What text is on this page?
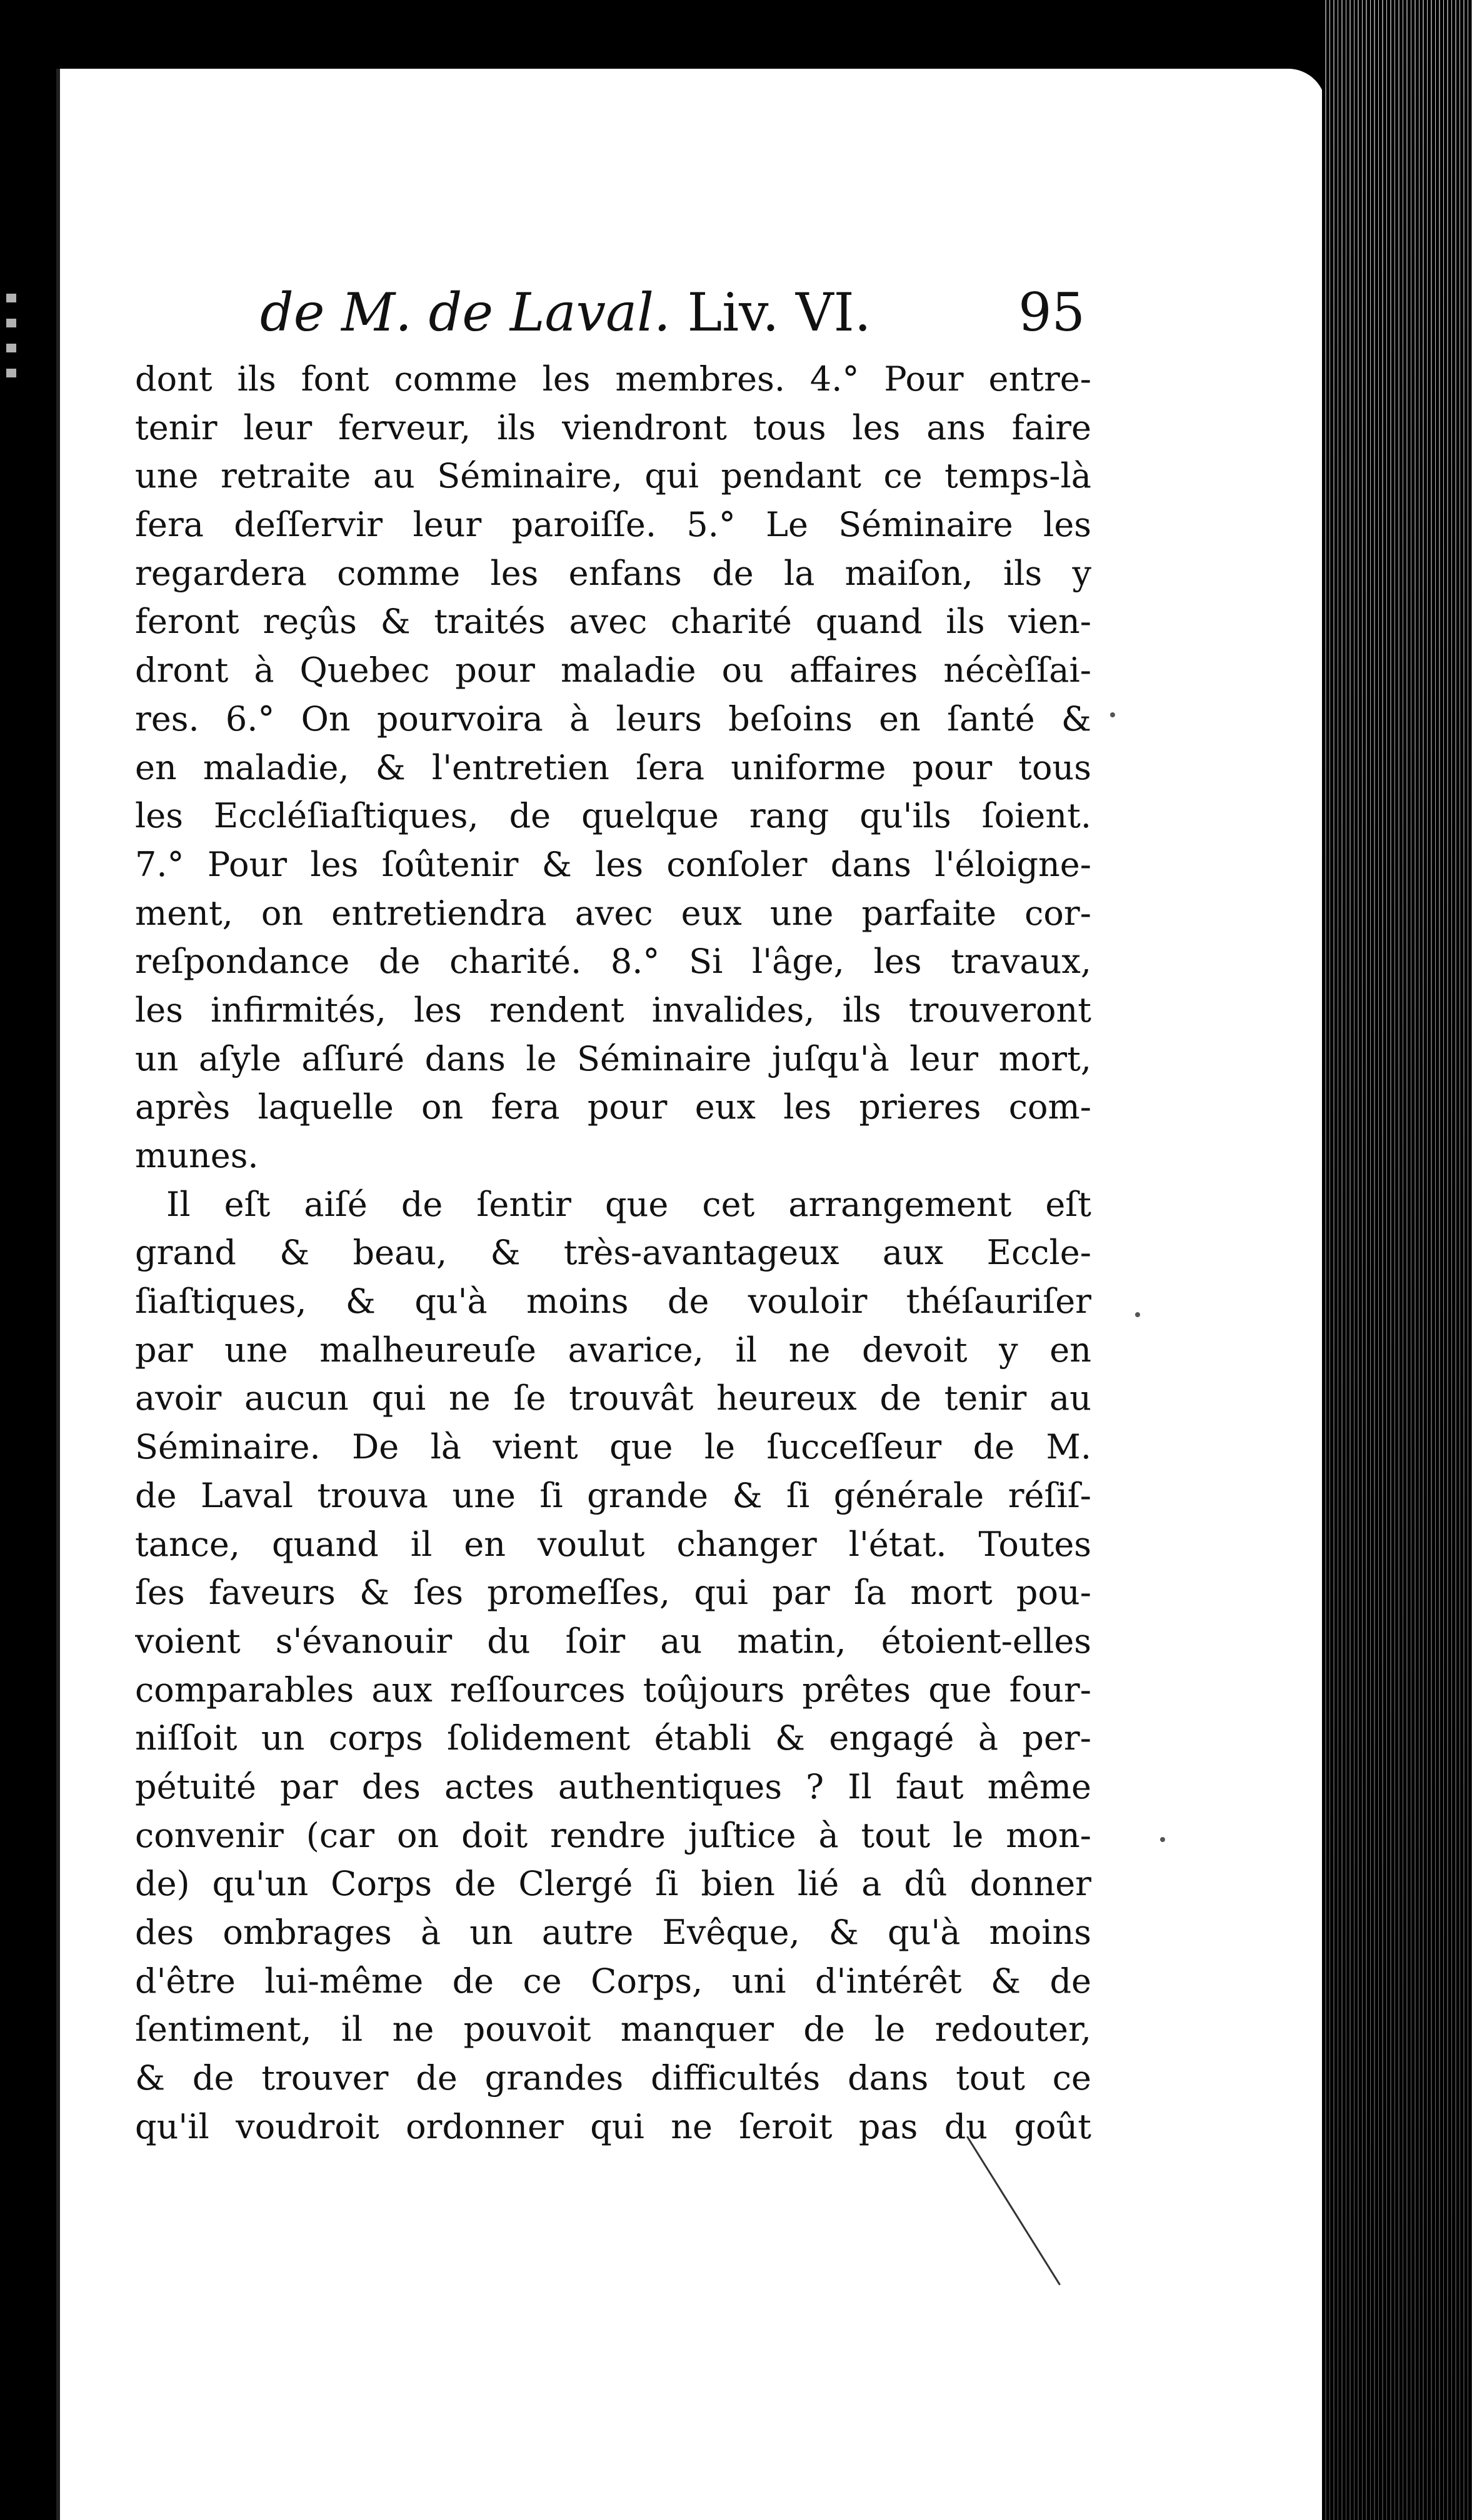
de M. de Laval. Liv. VI.	95
dont ils font comme les membres. 4.° Pour entre-
tenir leur ferveur, ils viendront tous les ans faire
une retraite au Séminaire, qui pendant ce temps-là
fera deſſervir leur paroiſſe. 5.° Le Séminaire les
regardera comme les enfans de la maiſon, ils y
feront reçûs & traités avec charité quand ils vien-
dront à Quebec pour maladie ou affaires nécèſſai-
res. 6.° On pourvoira à leurs beſoins en ſanté &
en maladie, & l'entretien ſera uniforme pour tous
les Eccléſiaſtiques, de quelque rang qu'ils ſoient.
7.° Pour les ſoûtenir & les conſoler dans l'éloigne-
ment, on entretiendra avec eux une parfaite cor-
reſpondance de charité. 8.° Si l'âge, les travaux,
les infirmités, les rendent invalides, ils trouveront
un aſyle aſſuré dans le Séminaire juſqu'à leur mort,
après laquelle on fera pour eux les prieres com-
munes.
Il eſt aiſé de ſentir que cet arrangement eſt
grand & beau, & très-avantageux aux Eccle-
ſiaſtiques, & qu'à moins de vouloir théſauriſer
par une malheureuſe avarice, il ne devoit y en
avoir aucun qui ne ſe trouvât heureux de tenir au
Séminaire. De là vient que le ſucceſſeur de M.
de Laval trouva une ſi grande & ſi générale réſiſ-
tance, quand il en voulut changer l'état. Toutes
ſes faveurs & ſes promeſſes, qui par ſa mort pou-
voient s'évanouir du ſoir au matin, étoient-elles
comparables aux reſſources toûjours prêtes que four-
niſſoit un corps ſolidement établi & engagé à per-
pétuité par des actes authentiques ? Il faut même
convenir (car on doit rendre juſtice à tout le mon-
de) qu'un Corps de Clergé ſi bien lié a dû donner
des ombrages à un autre Evêque, & qu'à moins
d'être lui-même de ce Corps, uni d'intérêt & de
ſentiment, il ne pouvoit manquer de le redouter,
& de trouver de grandes difficultés dans tout ce
qu'il voudroit ordonner qui ne ſeroit pas du goût
